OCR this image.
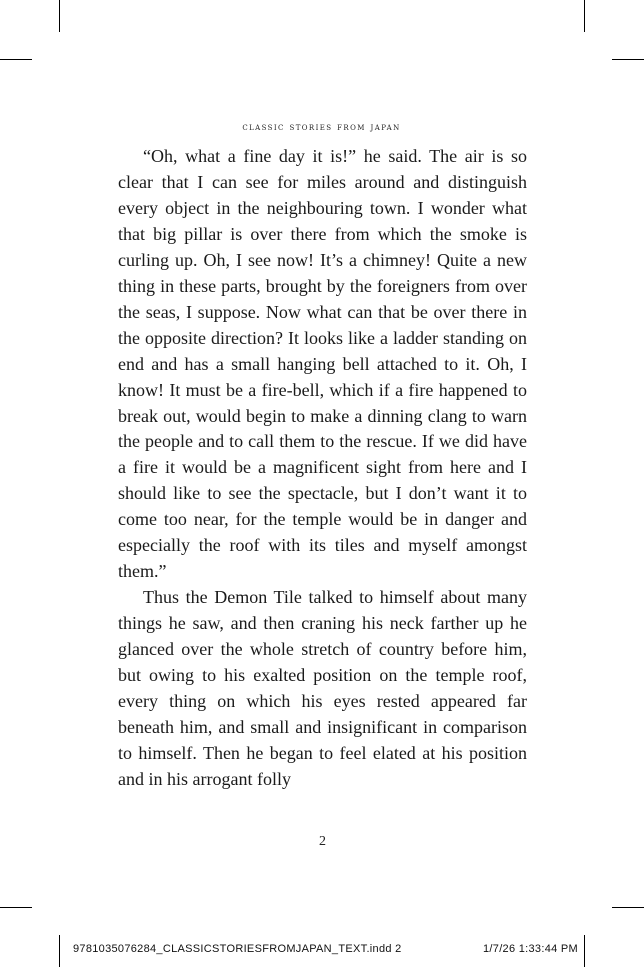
classic stories from japan

“Oh, what a fine day it is!” he said. The air is so clear that I can see for miles around and distinguish every object in the neighbouring town. I wonder what that big pillar is over there from which the smoke is curling up. Oh, I see now! It’s a chimney! Quite a new thing in these parts, brought by the foreigners from over the seas, I suppose. Now what can that be over there in the opposite direction? It looks like a ladder standing on end and has a small hanging bell attached to it. Oh, I know! It must be a fire-bell, which if a fire happened to break out, would begin to make a dinning clang to warn the people and to call them to the rescue. If we did have a fire it would be a magnificent sight from here and I should like to see the spectacle, but I don’t want it to come too near, for the temple would be in danger and especially the roof with its tiles and myself amongst them.”

Thus the Demon Tile talked to himself about many things he saw, and then craning his neck farther up he glanced over the whole stretch of country before him, but owing to his exalted position on the temple roof, every thing on which his eyes rested appeared far beneath him, and small and insignificant in comparison to himself. Then he began to feel elated at his position and in his arrogant folly

2
9781035076284_CLASSICSTORIESFROMJAPAN_TEXT.indd 2	1/7/26 1:33:44 PM
